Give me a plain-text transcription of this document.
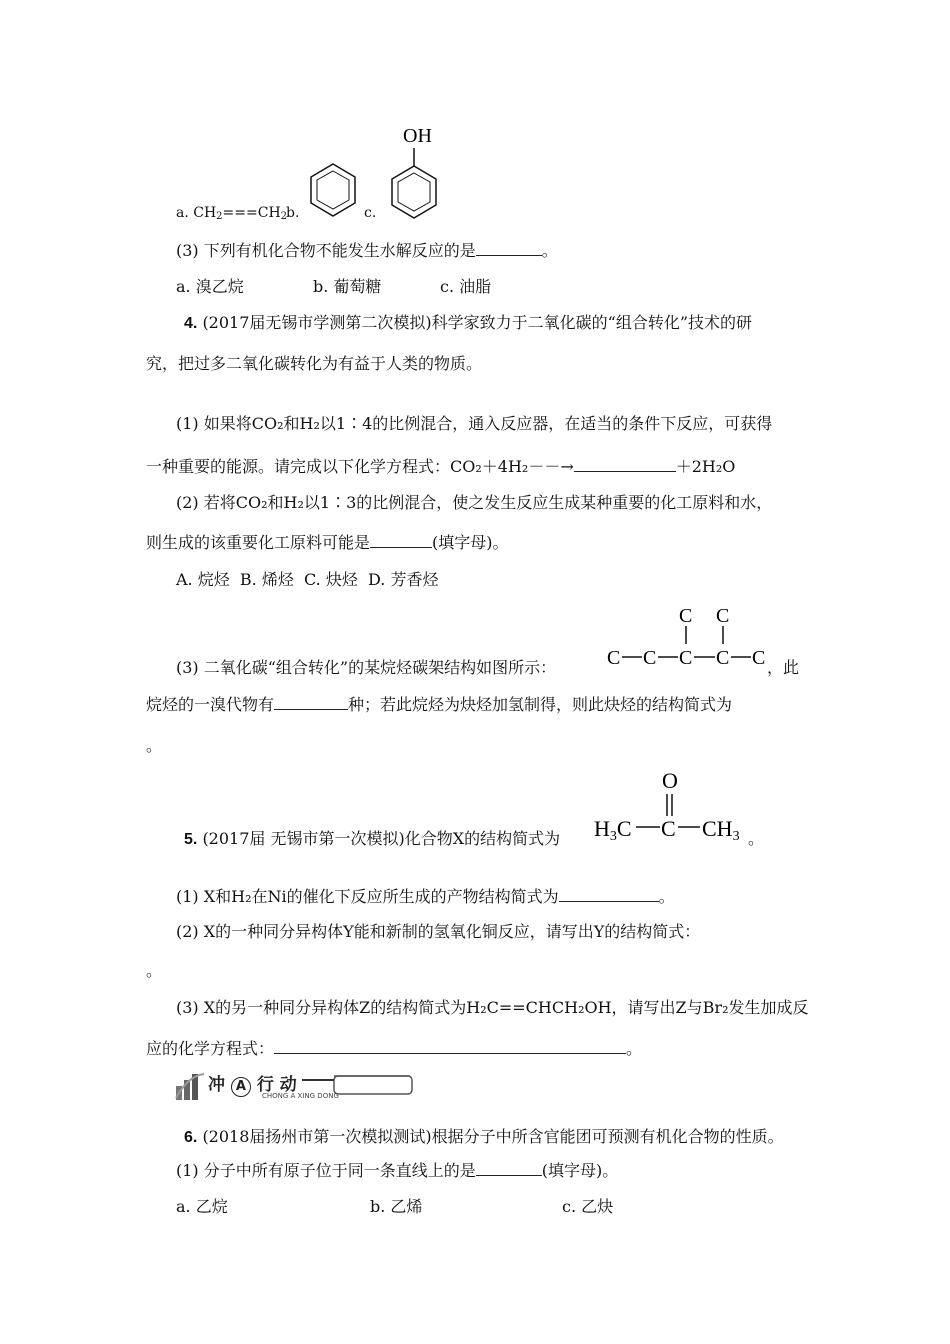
a. $CH_2===CH_2$
b.	c.
OH
(3) 下列有机化合物不能发生水解反应的是	。
a. 溴乙烷	b. 葡萄糖	c. 油脂
4. (2017届无锡市学测第二次模拟)科学家致力于二氧化碳的“组合转化”技术的研
究，把过多二氧化碳转化为有益于人类的物质。
(1) 如果将CO₂和H₂以1∶4的比例混合，通入反应器，在适当的条件下反应，可获得
一种重要的能源。请完成以下化学方程式：CO₂＋4H₂－－→	＋2H₂O
(2) 若将CO₂和H₂以1∶3的比例混合，使之发生反应生成某种重要的化工原料和水，
则生成的该重要化工原料可能是	(填字母)。
A. 烷烃  B. 烯烃  C. 炔烃  D. 芳香烃
(3) 二氧化碳“组合转化”的某烷烃碳架结构如图所示：
C C
C C C C C ，此
烷烃的一溴代物有	种；若此烷烃为炔烃加氢制得，则此炔烃的结构简式为
。
5. (2017届 无锡市第一次模拟)化合物X的结构简式为
O
H3C C CH3 。
(1) X和H₂在Ni的催化下反应所生成的产物结构简式为	。
(2) X的一种同分异构体Y能和新制的氢氧化铜反应，请写出Y的结构简式：
。
(3) X的另一种同分异构体Z的结构简式为H₂C==CHCH₂OH，请写出Z与Br₂发生加成反
应的化学方程式：	。
冲 A 行 动
CHONG A XING DONG
6. (2018届扬州市第一次模拟测试)根据分子中所含官能团可预测有机化合物的性质。
(1) 分子中所有原子位于同一条直线上的是	(填字母)。
a. 乙烷	b. 乙烯	c. 乙炔
